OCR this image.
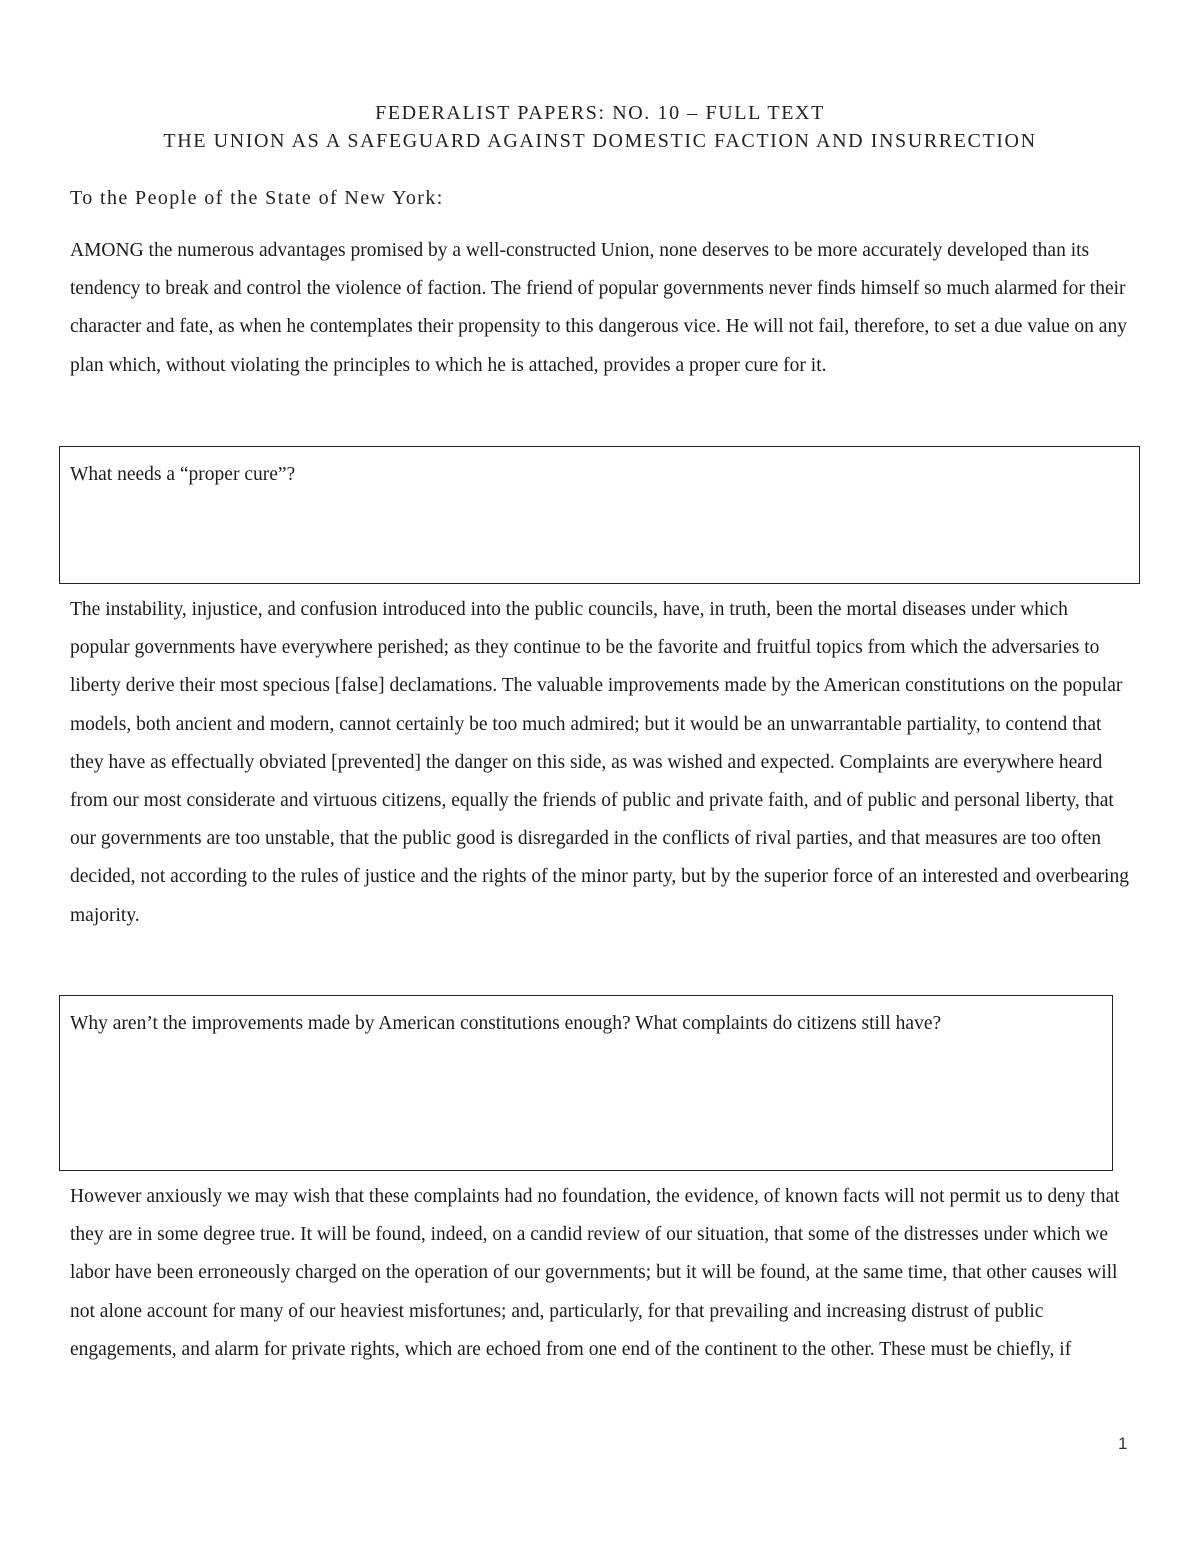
FEDERALIST PAPERS: NO. 10 – FULL TEXT
THE UNION AS A SAFEGUARD AGAINST DOMESTIC FACTION AND INSURRECTION
To the People of the State of New York:

AMONG the numerous advantages promised by a well-constructed Union, none deserves to be more accurately developed than its tendency to break and control the violence of faction. The friend of popular governments never finds himself so much alarmed for their character and fate, as when he contemplates their propensity to this dangerous vice. He will not fail, therefore, to set a due value on any plan which, without violating the principles to which he is attached, provides a proper cure for it.

What needs a “proper cure”?

The instability, injustice, and confusion introduced into the public councils, have, in truth, been the mortal diseases under which popular governments have everywhere perished; as they continue to be the favorite and fruitful topics from which the adversaries to liberty derive their most specious [false] declamations. The valuable improvements made by the American constitutions on the popular models, both ancient and modern, cannot certainly be too much admired; but it would be an unwarrantable partiality, to contend that they have as effectually obviated [prevented] the danger on this side, as was wished and expected. Complaints are everywhere heard from our most considerate and virtuous citizens, equally the friends of public and private faith, and of public and personal liberty, that our governments are too unstable, that the public good is disregarded in the conflicts of rival parties, and that measures are too often decided, not according to the rules of justice and the rights of the minor party, but by the superior force of an interested and overbearing majority.

Why aren’t the improvements made by American constitutions enough? What complaints do citizens still have?

However anxiously we may wish that these complaints had no foundation, the evidence, of known facts will not permit us to deny that they are in some degree true. It will be found, indeed, on a candid review of our situation, that some of the distresses under which we labor have been erroneously charged on the operation of our governments; but it will be found, at the same time, that other causes will not alone account for many of our heaviest misfortunes; and, particularly, for that prevailing and increasing distrust of public engagements, and alarm for private rights, which are echoed from one end of the continent to the other. These must be chiefly, if

1
